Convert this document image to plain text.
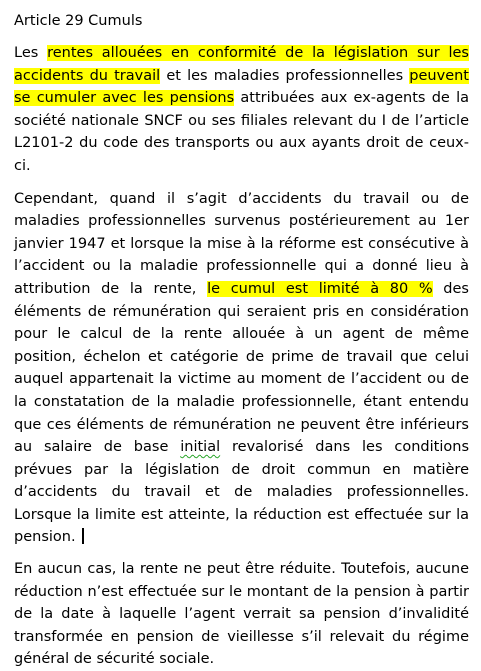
Article 29 Cumuls

Les rentes allouées en conformité de la législation sur les accidents du travail et les maladies professionnelles peuvent se cumuler avec les pensions attribuées aux ex-agents de la société nationale SNCF ou ses filiales relevant du I de l’article L2101-2 du code des transports ou aux ayants droit de ceux-ci.

Cependant, quand il s’agit d’accidents du travail ou de maladies professionnelles survenus postérieurement au 1er janvier 1947 et lorsque la mise à la réforme est consécutive à l’accident ou la maladie professionnelle qui a donné lieu à attribution de la rente, le cumul est limité à 80 % des éléments de rémunération qui seraient pris en considération pour le calcul de la rente allouée à un agent de même position, échelon et catégorie de prime de travail que celui auquel appartenait la victime au moment de l’accident ou de la constatation de la maladie professionnelle, étant entendu que ces éléments de rémunération ne peuvent être inférieurs au salaire de base initial revalorisé dans les conditions prévues par la législation de droit commun en matière d’accidents du travail et de maladies professionnelles. Lorsque la limite est atteinte, la réduction est effectuée sur la pension.

En aucun cas, la rente ne peut être réduite. Toutefois, aucune réduction n’est effectuée sur le montant de la pension à partir de la date à laquelle l’agent verrait sa pension d’invalidité transformée en pension de vieillesse s’il relevait du régime général de sécurité sociale.
